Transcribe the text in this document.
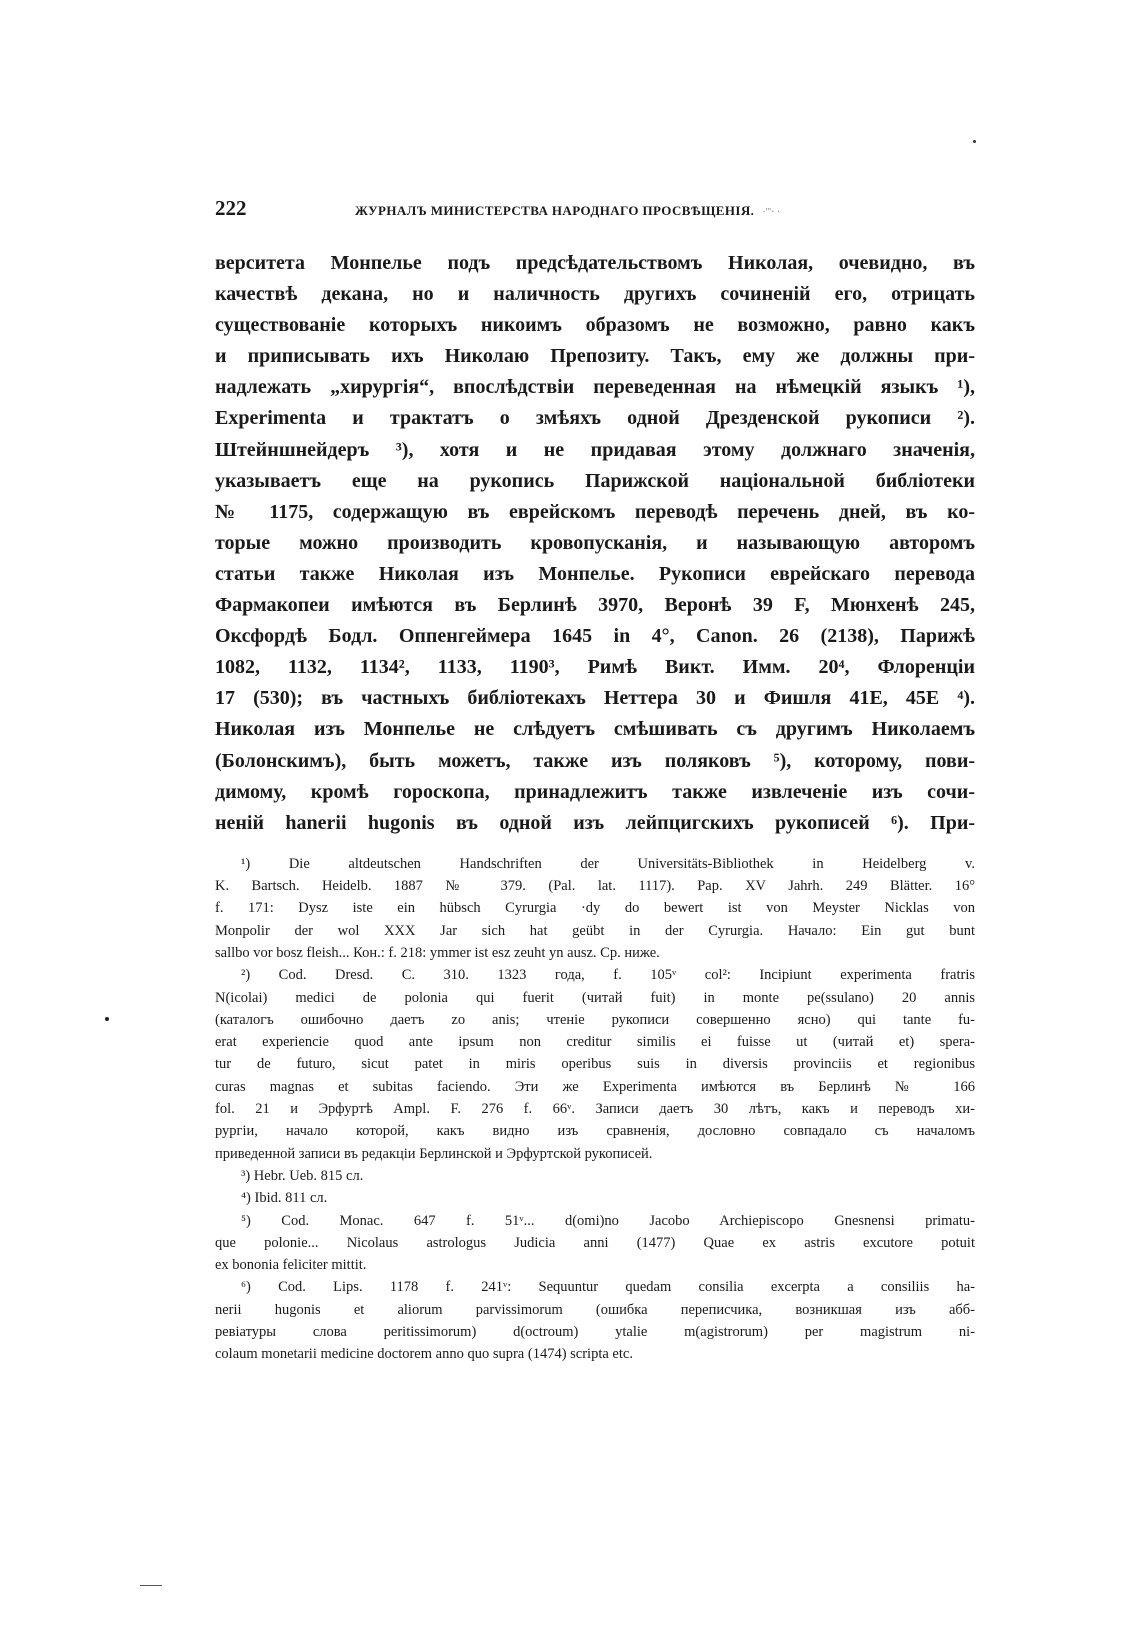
222	ЖУРНАЛЪ МИНИСТЕРСТВА НАРОДНАГО ПРОСВѢЩЕНІЯ. ·'''· ·
верситета Монпелье подъ предсѣдательствомъ Николая, очевидно, въ
качествѣ декана, но и наличность другихъ сочиненій его, отрицать
существованіе которыхъ никоимъ образомъ не возможно, равно какъ
и приписывать ихъ Николаю Препозиту. Такъ, ему же должны при-
надлежать „хирургія“, впослѣдствіи переведенная на нѣмецкій языкъ ¹),
Experimenta и трактатъ о змѣяхъ одной Дрезденской рукописи ²).
Штейншнейдеръ ³), хотя и не придавая этому должнаго значенія,
указываетъ еще на рукопись Парижской національной библіотеки
№ 1175, содержащую въ еврейскомъ переводѣ перечень дней, въ ко-
торые можно производить кровопусканія, и называющую авторомъ
статьи также Николая изъ Монпелье. Рукописи еврейскаго перевода
Фармакопеи имѣются въ Берлинѣ 3970, Веронѣ 39 F, Мюнхенѣ 245,
Оксфордѣ Бодл. Оппенгеймера 1645 in 4°, Canon. 26 (2138), Парижѣ
1082, 1132, 1134², 1133, 1190³, Римѣ Викт. Имм. 20⁴, Флоренціи
17 (530); въ частныхъ библіотекахъ Неттера 30 и Фишля 41Е, 45Е ⁴).
Николая изъ Монпелье не слѣдуетъ смѣшивать съ другимъ Николаемъ
(Болонскимъ), быть можетъ, также изъ поляковъ ⁵), которому, пови-
димому, кромѣ гороскопа, принадлежитъ также извлеченіе изъ сочи-
неній hanerii hugonis въ одной изъ лейпцигскихъ рукописей ⁶). При-
¹) Die altdeutschen Handschriften der Universitäts-Bibliothek in Heidelberg v.
K. Bartsch. Heidelb. 1887 № 379. (Pal. lat. 1117). Pap. XV Jahrh. 249 Blätter. 16°
f. 171: Dysz iste ein hübsch Cyrurgia ·dy do bewert ist von Meyster Nicklas von
Monpolir der wol XXX Jar sich hat geübt in der Cyrurgia. Начало: Ein gut bunt
sallbo vor bosz fleish... Кон.: f. 218: ymmer ist esz zeuht yn ausz. Ср. ниже.
²) Cod. Dresd. C. 310. 1323 года, f. 105ᵛ col²: Incipiunt experimenta fratris
N(icolai) medici de polonia qui fuerit (читай fuit) in monte pe(ssulano) 20 annis
(каталогъ ошибочно даетъ zo anis; чтеніе рукописи совершенно ясно) qui tante fu-
erat experiencie quod ante ipsum non creditur similis ei fuisse ut (читай et) sperа-
tur de futuro, sicut patet in miris operibus suis in diversis provinciis et regionibus
curas magnas et subitas faciendo. Эти же Experimenta имѣются въ Берлинѣ № 166
fol. 21 и Эрфуртѣ Ampl. F. 276 f. 66ᵛ. Записи даетъ 30 лѣтъ, какъ и переводъ хи-
рургіи, начало которой, какъ видно изъ сравненія, дословно совпадало съ началомъ
приведенной записи въ редакціи Берлинской и Эрфуртской рукописей.
³) Hebr. Ueb. 815 сл.
⁴) Ibid. 811 сл.
⁵) Cod. Monac. 647 f. 51ᵛ... d(omi)no Jacobo Archiepiscopo Gnesnensi primatu-
que polonie... Nicolaus astrologus Judicia anni (1477) Quae ex astris excutore potuit
ex bononia feliciter mittit.
⁶) Cod. Lips. 1178 f. 241ᵛ: Sequuntur quedam consilia excerpta a consiliis ha-
nerii hugonis et aliorum parvissimorum (ошибка переписчика, возникшая изъ абб-
ревіатуры слова peritissimorum) d(octroum) ytalie m(agistrorum) per magistrum ni-
colaum monetarii medicine doctorem anno quo supra (1474) scripta etc.
